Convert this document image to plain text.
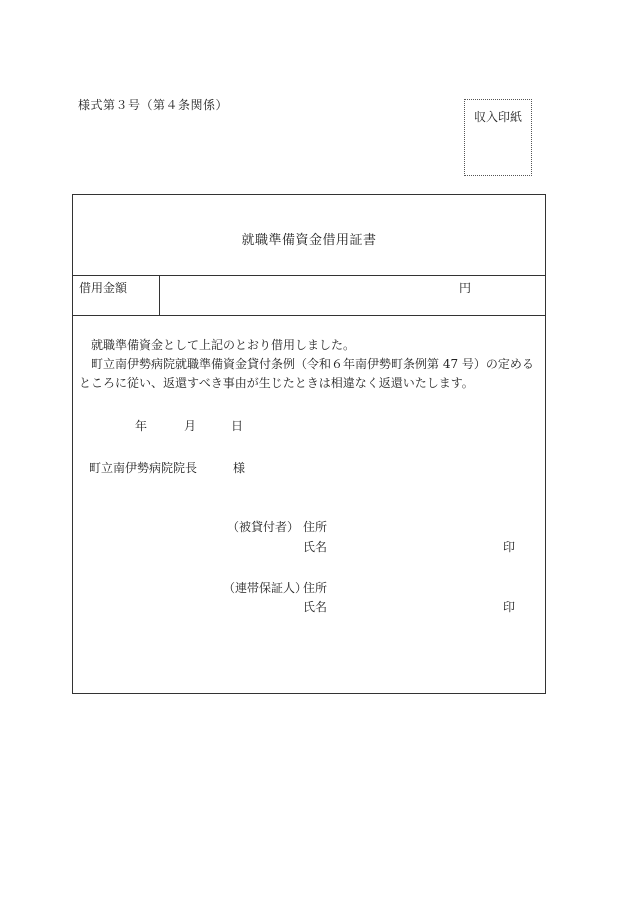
様式第３号（第４条関係）
収入印紙
就職準備資金借用証書
借用金額	円

就職準備資金として上記のとおり借用しました。

町立南伊勢病院就職準備資金貸付条例（令和６年南伊勢町条例第 47 号）の定めるところに従い、返還すべき事由が生じたときは相違なく返還いたします。

年	月	日
町立南伊勢病院院長	様
（被貸付者） 住所
氏名	印
（連帯保証人）
住所
氏名	印
